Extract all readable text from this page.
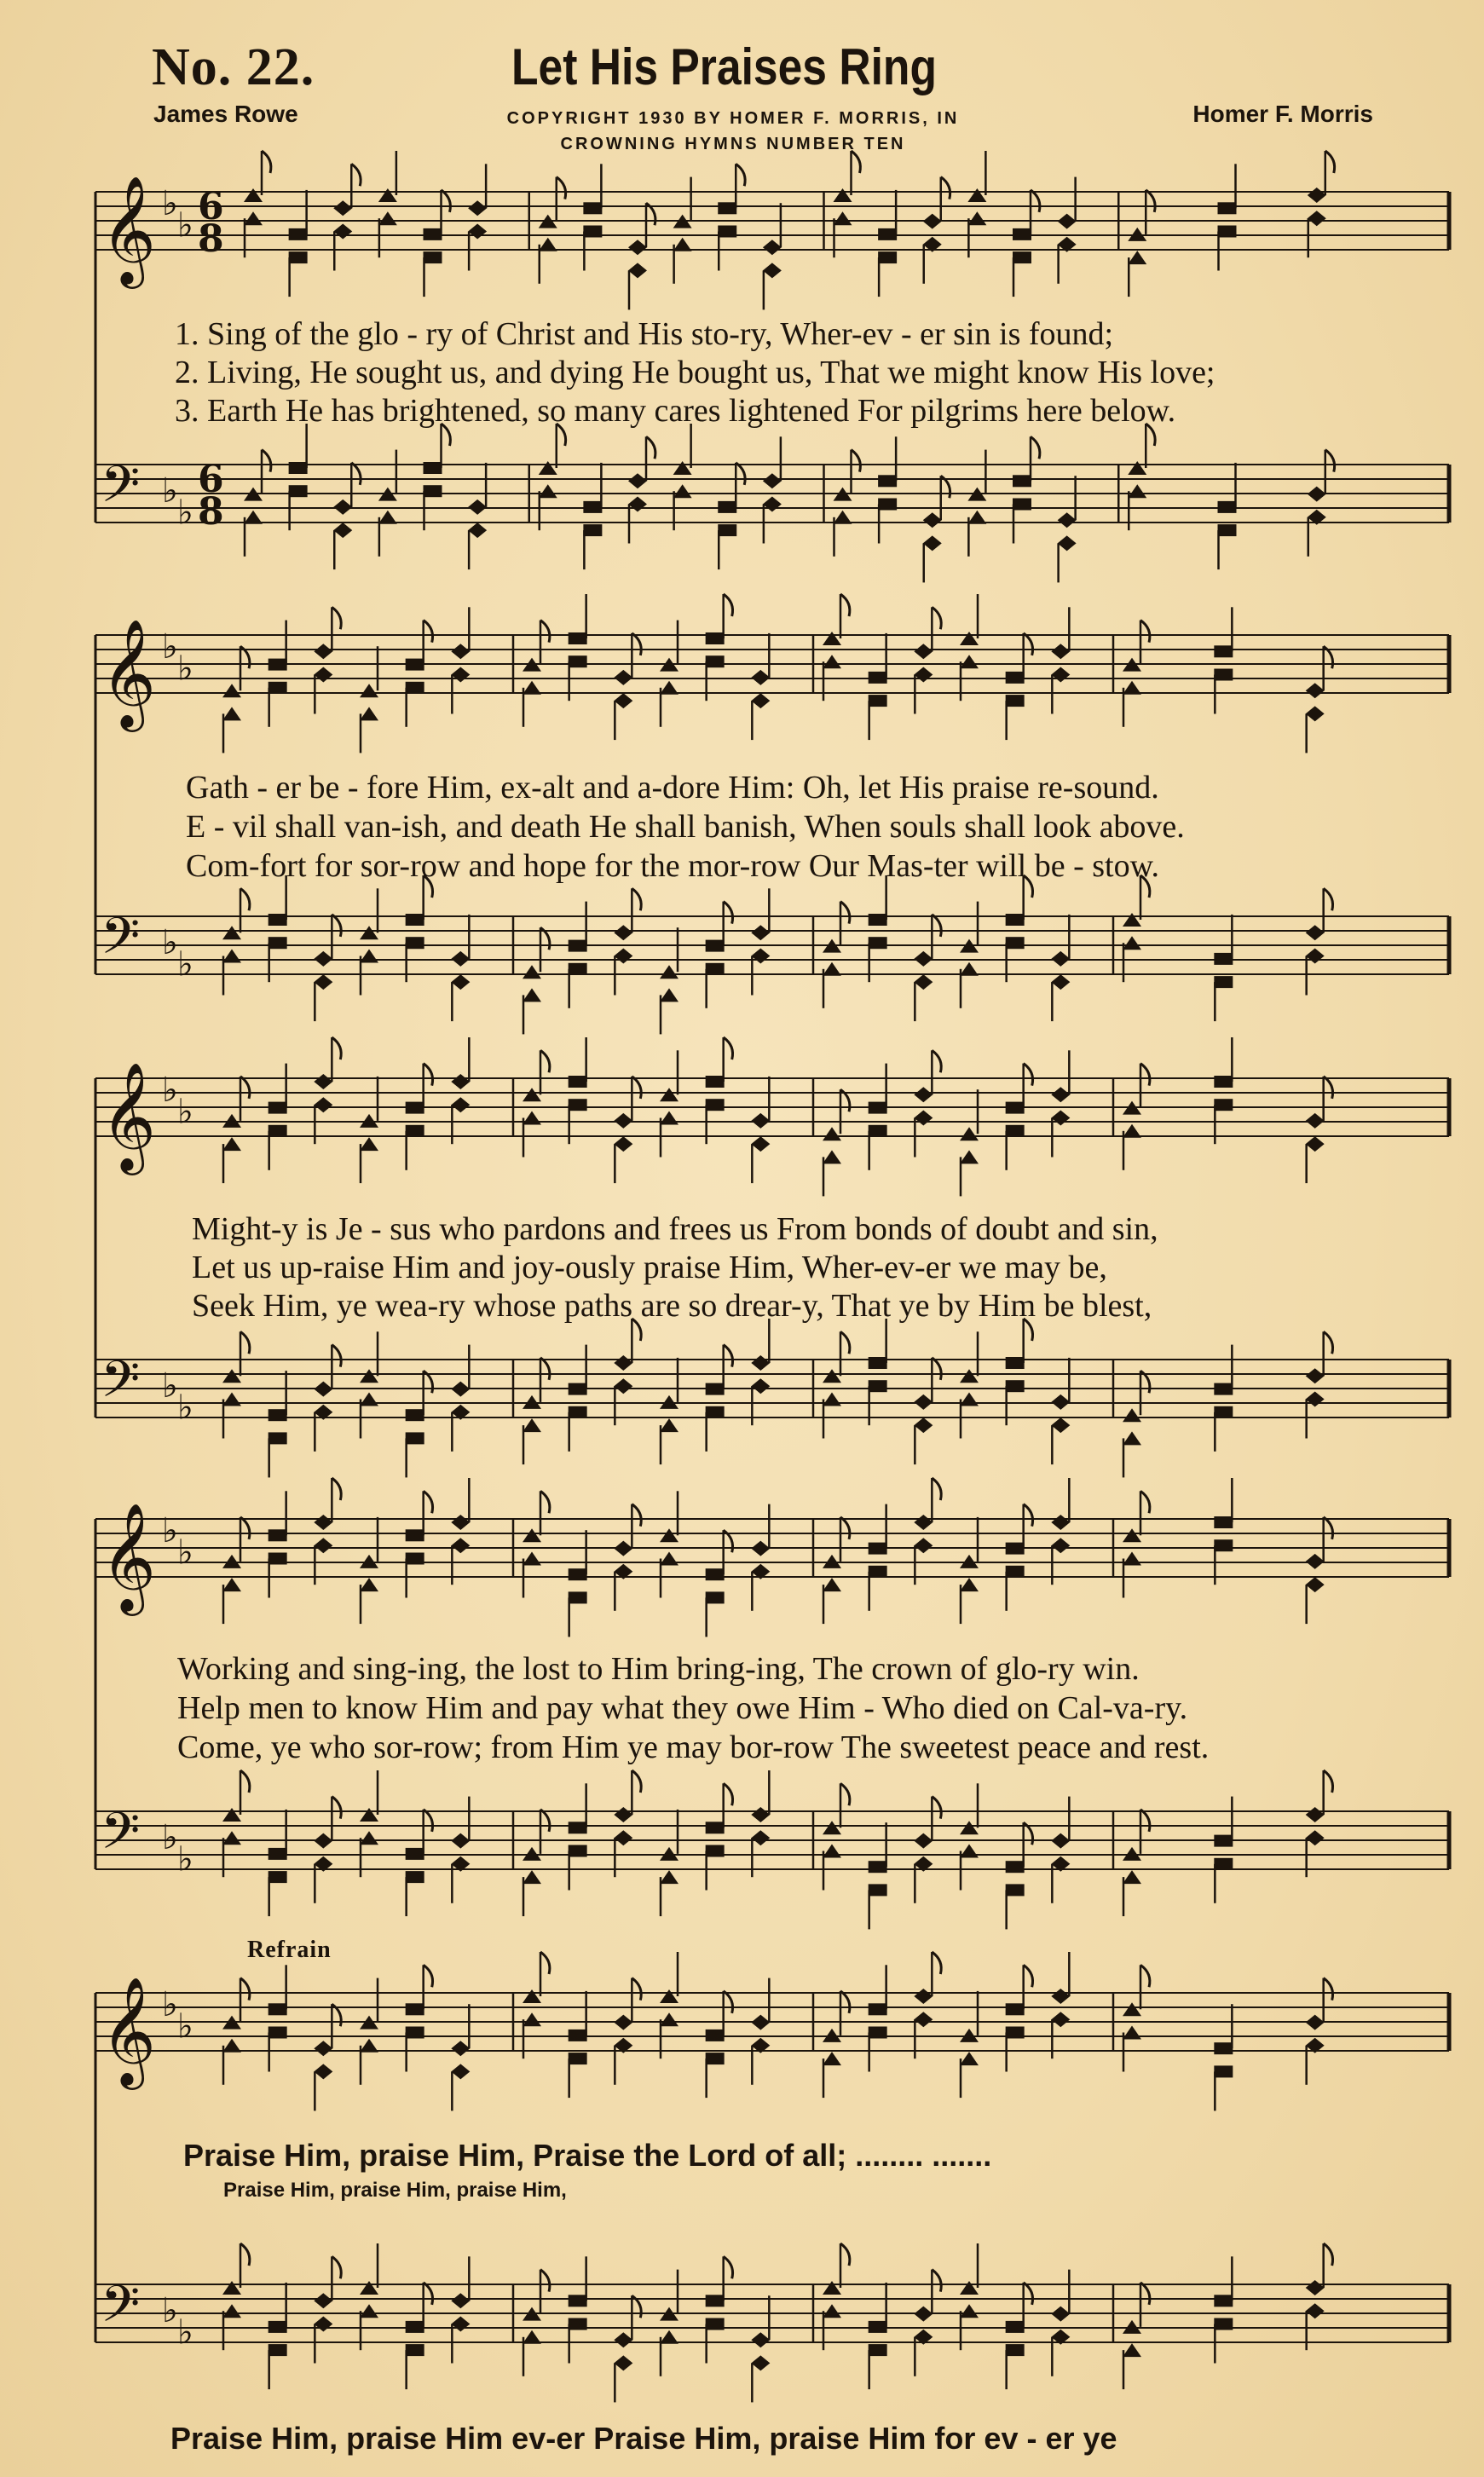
No. 22.	Let His Praises Ring
James Rowe	Homer F. Morris
COPYRIGHT 1930 BY HOMER F. MORRIS, IN
CROWNING HYMNS NUMBER TEN
𝄞 ♭
♭ 6
8
𝄢 ♭
♭
6
8
𝄞 ♭
♭
𝄢 ♭
♭
𝄞 ♭
♭
𝄢 ♭
♭
𝄞 ♭
♭
𝄢 ♭
♭
𝄞 ♭
♭
𝄢 ♭
♭
1. Sing of the glo - ry of Christ and His sto-ry, Wher-ev - er sin is found;
2. Living, He sought us, and dying He bought us, That we might know His love;
3. Earth He has brightened, so many cares lightened For pilgrims here below.
Gath - er be - fore Him, ex-alt and a-dore Him: Oh, let His praise re-sound.
E - vil shall van-ish, and death He shall banish, When souls shall look above.
Com-fort for sor-row and hope for the mor-row Our Mas-ter will be - stow.
Might-y is Je - sus who pardons and frees us From bonds of doubt and sin,
Let us up-raise Him and joy-ously praise Him, Wher-ev-er we may be,
Seek Him, ye wea-ry whose paths are so drear-y, That ye by Him be blest,
Working and sing-ing, the lost to Him bring-ing, The crown of glo-ry win.
Help men to know Him and pay what they owe Him - Who died on Cal-va-ry.
Come, ye who sor-row; from Him ye may bor-row The sweetest peace and rest.
Refrain
Praise Him, praise Him, Praise the Lord of all; ........ .......
Praise Him, praise Him, praise Him,
Praise Him, praise Him ev-er Praise Him, praise Him for ev - er ye
